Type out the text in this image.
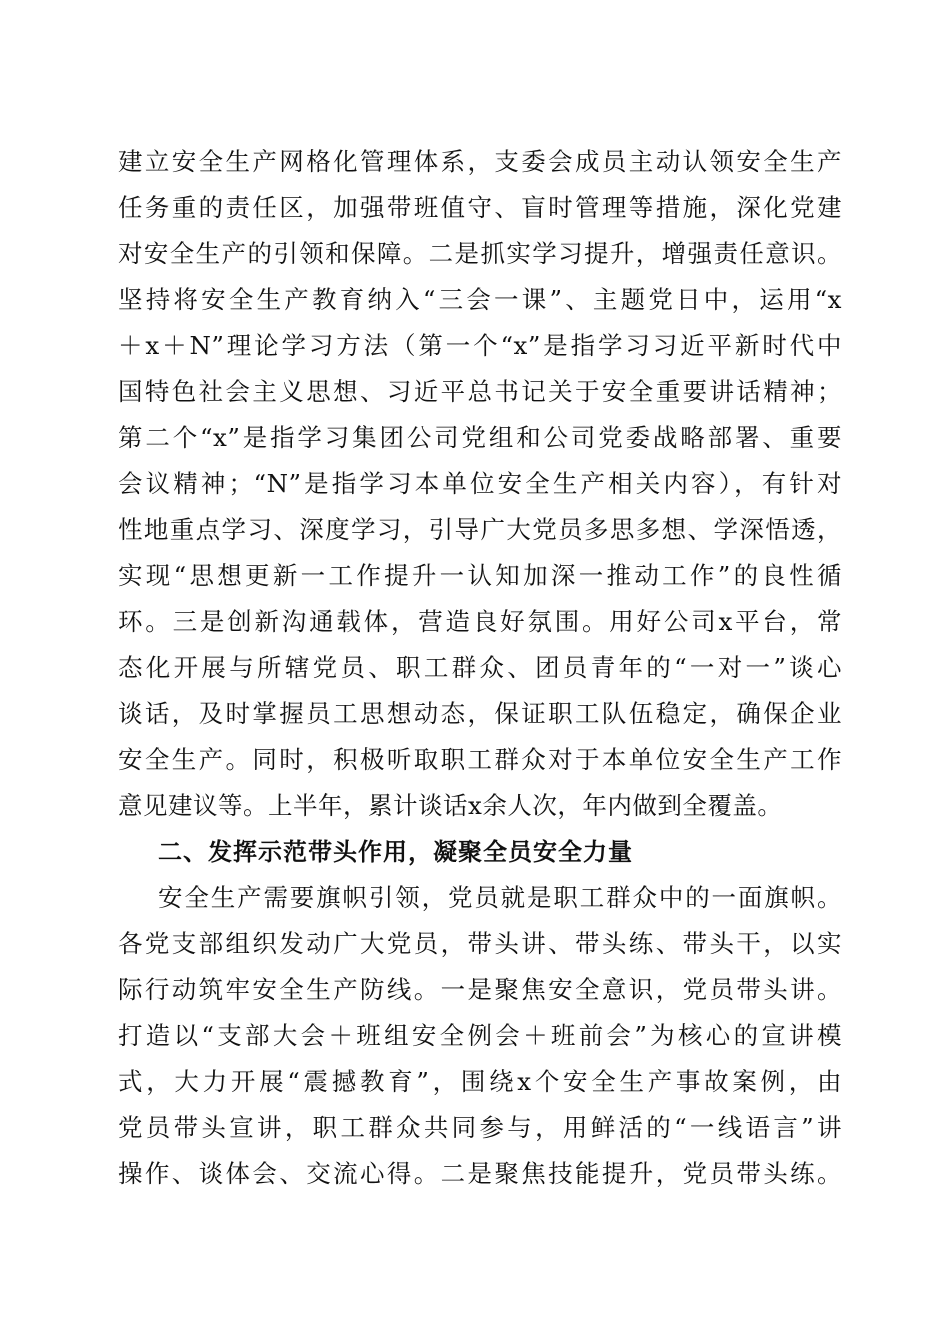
建立安全生产网格化管理体系，支委会成员主动认领安全生产
任务重的责任区，加强带班值守、盲时管理等措施，深化党建
对安全生产的引领和保障。二是抓实学习提升，增强责任意识。
坚持将安全生产教育纳入“三会一课”、主题党日中，运用“x
＋x＋N”理论学习方法（第一个“x”是指学习习近平新时代中
国特色社会主义思想、习近平总书记关于安全重要讲话精神；
第二个“x”是指学习集团公司党组和公司党委战略部署、重要
会议精神；“N”是指学习本单位安全生产相关内容），有针对
性地重点学习、深度学习，引导广大党员多思多想、学深悟透，
实现“思想更新一工作提升一认知加深一推动工作”的良性循
环。三是创新沟通载体，营造良好氛围。用好公司x平台，常
态化开展与所辖党员、职工群众、团员青年的“一对一”谈心
谈话，及时掌握员工思想动态，保证职工队伍稳定，确保企业
安全生产。同时，积极听取职工群众对于本单位安全生产工作
意见建议等。上半年，累计谈话x余人次，年内做到全覆盖。
二、发挥示范带头作用，凝聚全员安全力量
安全生产需要旗帜引领，党员就是职工群众中的一面旗帜。
各党支部组织发动广大党员，带头讲、带头练、带头干，以实
际行动筑牢安全生产防线。一是聚焦安全意识，党员带头讲。
打造以“支部大会＋班组安全例会＋班前会”为核心的宣讲模
式，大力开展“震撼教育”，围绕x个安全生产事故案例，由
党员带头宣讲，职工群众共同参与，用鲜活的“一线语言”讲
操作、谈体会、交流心得。二是聚焦技能提升，党员带头练。
